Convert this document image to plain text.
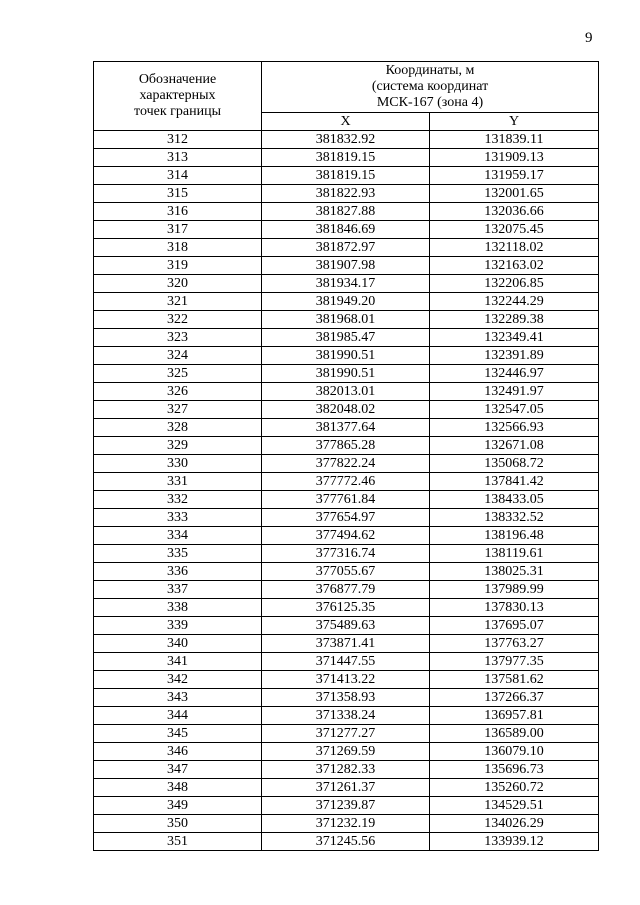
9
Обозначение
характерных
точек границы	Координаты, м
(система координат
МСК-167 (зона 4)	

	X	Y
312	381832.92	131839.11
313	381819.15	131909.13
314	381819.15	131959.17
315	381822.93	132001.65
316	381827.88	132036.66
317	381846.69	132075.45
318	381872.97	132118.02
319	381907.98	132163.02
320	381934.17	132206.85
321	381949.20	132244.29
322	381968.01	132289.38
323	381985.47	132349.41
324	381990.51	132391.89
325	381990.51	132446.97
326	382013.01	132491.97
327	382048.02	132547.05
328	381377.64	132566.93
329	377865.28	132671.08
330	377822.24	135068.72
331	377772.46	137841.42
332	377761.84	138433.05
333	377654.97	138332.52
334	377494.62	138196.48
335	377316.74	138119.61
336	377055.67	138025.31
337	376877.79	137989.99
338	376125.35	137830.13
339	375489.63	137695.07
340	373871.41	137763.27
341	371447.55	137977.35
342	371413.22	137581.62
343	371358.93	137266.37
344	371338.24	136957.81
345	371277.27	136589.00
346	371269.59	136079.10
347	371282.33	135696.73
348	371261.37	135260.72
349	371239.87	134529.51
350	371232.19	134026.29
351	371245.56	133939.12
